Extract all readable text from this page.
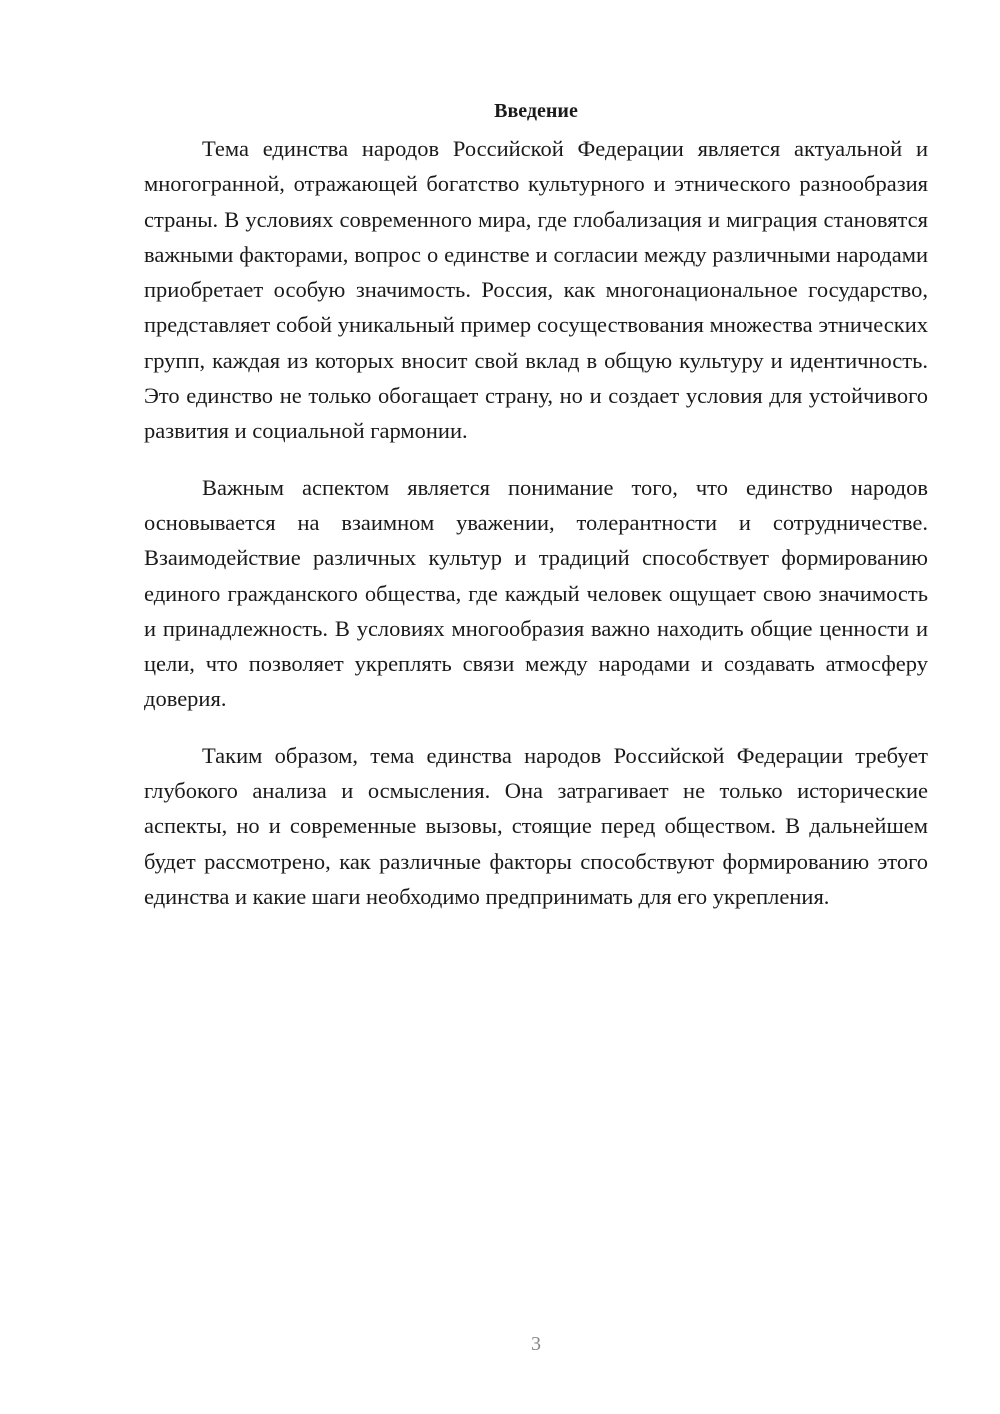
Введение

Тема единства народов Российской Федерации является актуальной и многогранной, отражающей богатство культурного и этнического разнообразия страны. В условиях современного мира, где глобализация и миграция становятся важными факторами, вопрос о единстве и согласии между различными народами приобретает особую значимость. Россия, как многонациональное государство, представляет собой уникальный пример сосуществования множества этнических групп, каждая из которых вносит свой вклад в общую культуру и идентичность. Это единство не только обогащает страну, но и создает условия для устойчивого развития и социальной гармонии.

Важным аспектом является понимание того, что единство народов основывается на взаимном уважении, толерантности и сотрудничестве. Взаимодействие различных культур и традиций способствует формированию единого гражданского общества, где каждый человек ощущает свою значимость и принадлежность. В условиях многообразия важно находить общие ценности и цели, что позволяет укреплять связи между народами и создавать атмосферу доверия.

Таким образом, тема единства народов Российской Федерации требует глубокого анализа и осмысления. Она затрагивает не только исторические аспекты, но и современные вызовы, стоящие перед обществом. В дальнейшем будет рассмотрено, как различные факторы способствуют формированию этого единства и какие шаги необходимо предпринимать для его укрепления.

3
